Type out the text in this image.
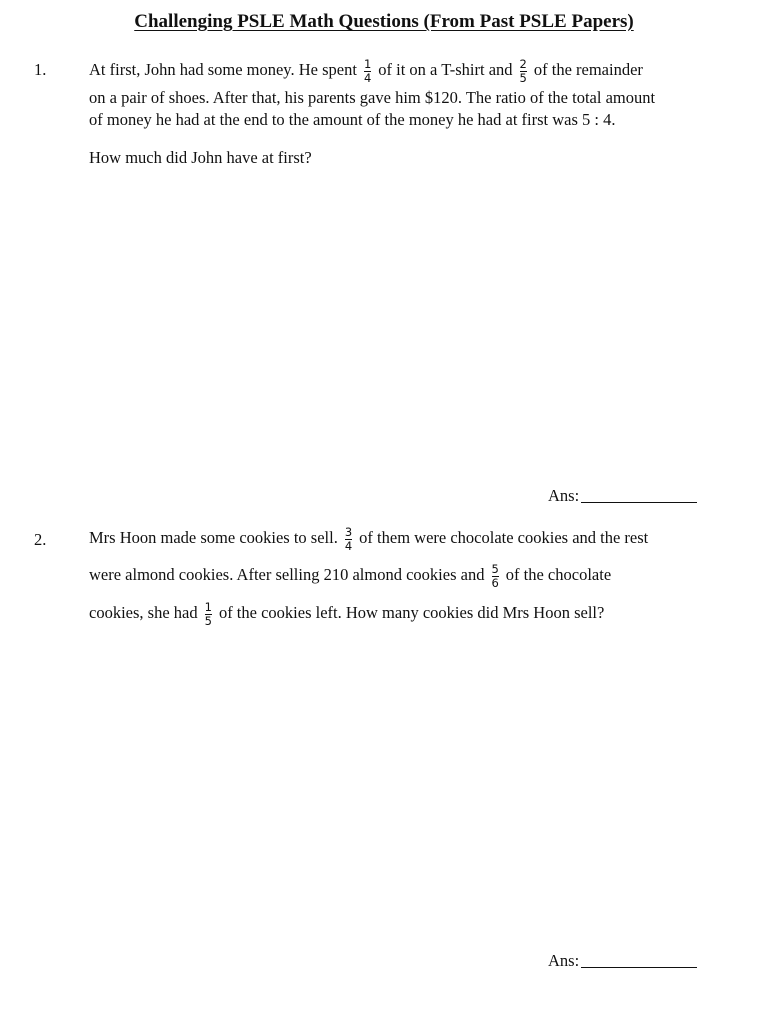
Challenging PSLE Math Questions (From Past PSLE Papers)
1.	At first, John had some money. He spent $\frac{1}{4}$ of it on a T-shirt and $\frac{2}{5}$ of the remainder
on a pair of shoes. After that, his parents gave him $120. The ratio of the total amount
of money he had at the end to the amount of the money he had at first was 5 : 4.
How much did John have at first?
Ans:
2.	Mrs Hoon made some cookies to sell. $\frac{3}{4}$ of them were chocolate cookies and the rest
were almond cookies. After selling 210 almond cookies and $\frac{5}{6}$ of the chocolate
cookies, she had $\frac{1}{5}$ of the cookies left. How many cookies did Mrs Hoon sell?
Ans:
